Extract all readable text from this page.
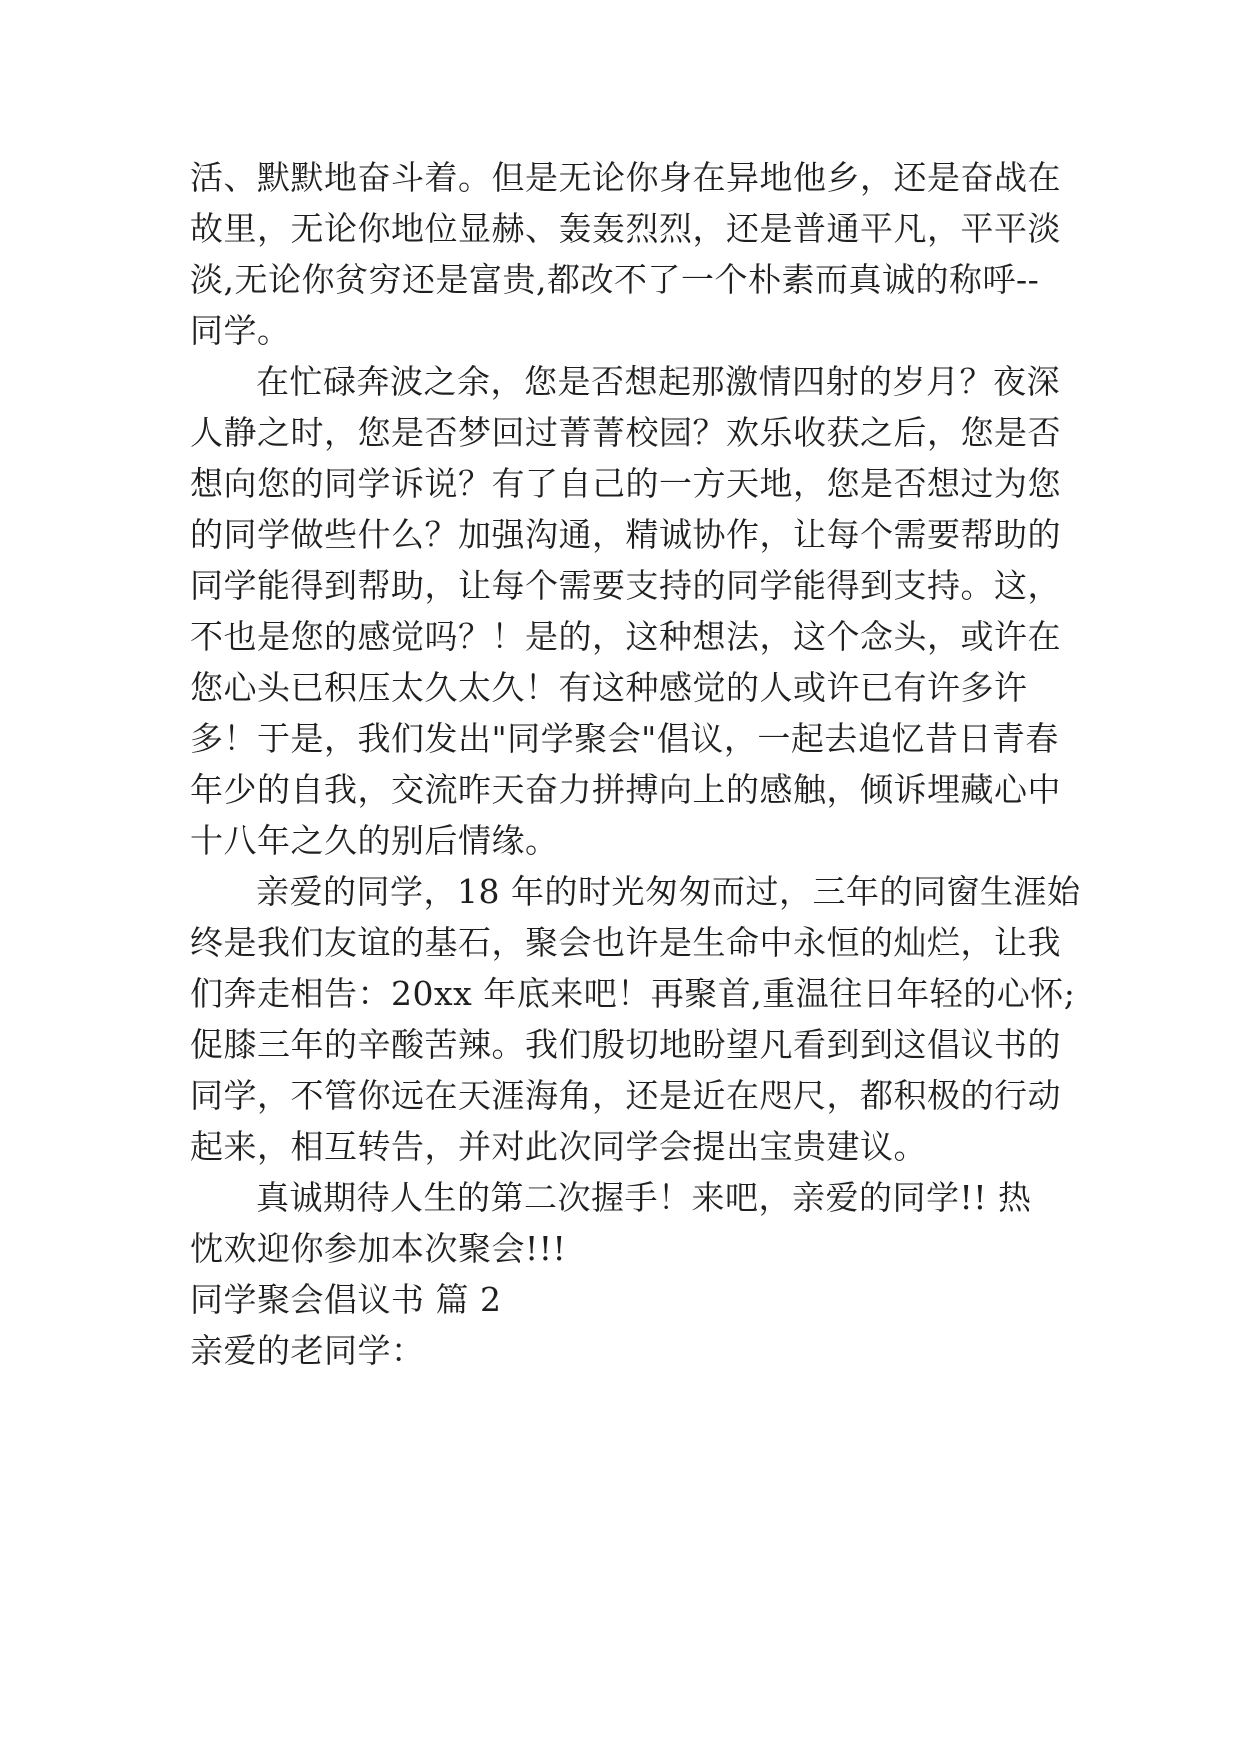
活、默默地奋斗着。但是无论你身在异地他乡，还是奋战在
故里，无论你地位显赫、轰轰烈烈，还是普通平凡，平平淡
淡,无论你贫穷还是富贵,都改不了一个朴素而真诚的称呼--
同学。
在忙碌奔波之余，您是否想起那激情四射的岁月？夜深
人静之时，您是否梦回过菁菁校园？欢乐收获之后，您是否
想向您的同学诉说？有了自己的一方天地，您是否想过为您
的同学做些什么？加强沟通，精诚协作，让每个需要帮助的
同学能得到帮助，让每个需要支持的同学能得到支持。这，
不也是您的感觉吗？！是的，这种想法，这个念头，或许在
您心头已积压太久太久！有这种感觉的人或许已有许多许
多！于是，我们发出"同学聚会"倡议，一起去追忆昔日青春
年少的自我，交流昨天奋力拼搏向上的感触，倾诉埋藏心中
十八年之久的别后情缘。
亲爱的同学，18 年的时光匆匆而过，三年的同窗生涯始
终是我们友谊的基石，聚会也许是生命中永恒的灿烂，让我
们奔走相告：20xx 年底来吧！再聚首,重温往日年轻的心怀;
促膝三年的辛酸苦辣。我们殷切地盼望凡看到到这倡议书的
同学，不管你远在天涯海角，还是近在咫尺，都积极的行动
起来，相互转告，并对此次同学会提出宝贵建议。
真诚期待人生的第二次握手！来吧，亲爱的同学!! 热
忱欢迎你参加本次聚会!!!
同学聚会倡议书 篇 2
亲爱的老同学：
